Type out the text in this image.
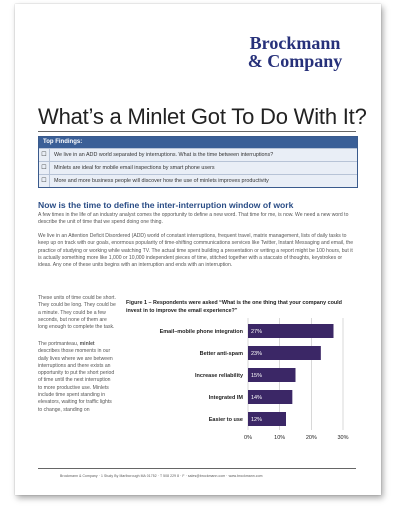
Brockmann
& Company
What’s a Minlet Got To Do With It?
Top Findings:
☐	We live in an ADD world separated by interruptions. What is the time between interruptions?
☐	Minlets are ideal for mobile email inspections by smart phone users
☐	More and more business people will discover how the use of minlets improves productivity
Now is the time to define the inter-interruption window of work
A few times in the life of an industry analyst comes the opportunity to define a new word. That time for me, is now. We need a new word to describe the unit of time that we spend doing one thing.
We live in an Attention Deficit Disordered (ADD) world of constant interruptions, frequent travel, matrix management, lists of daily tasks to keep up on track with our goals, enormous popularity of time-shifting communications services like Twitter, Instant Messaging and email, the practice of studying or working while watching TV. The actual time spent building a presentation or writing a report might be 100 hours, but it is actually something more like 1,000 or 10,000 independent pieces of time, stitched together with a staccato of thoughts, keystrokes or ideas. Any one of these units begins with an interruption and ends with an interruption.
These units of time could be short. They could be long. They could be a minute. They could be a few seconds, but none of them are long enough to complete the task.
The portmanteau, minlet describes those moments in our daily lives where we are between interruptions and there exists an opportunity to put the short period of time until the next interruption to more productive use. Minlets include time spent standing in elevators, waiting for traffic lights to change, standing on
Figure 1 – Respondents were asked “What is the one thing that your company could invest in to improve the email experience?”
0%	10%	20%	30%
27%
Email–mobile phone integration
23%
Better anti-spam
15%
Increase reliability
14%
Integrated IM
12%
Easier to use
Brockmann & Company · 1 Study By Marlborough MA 01752 · T 508 229 8 · F · sales@brockmann.com · www.brockmann.com
